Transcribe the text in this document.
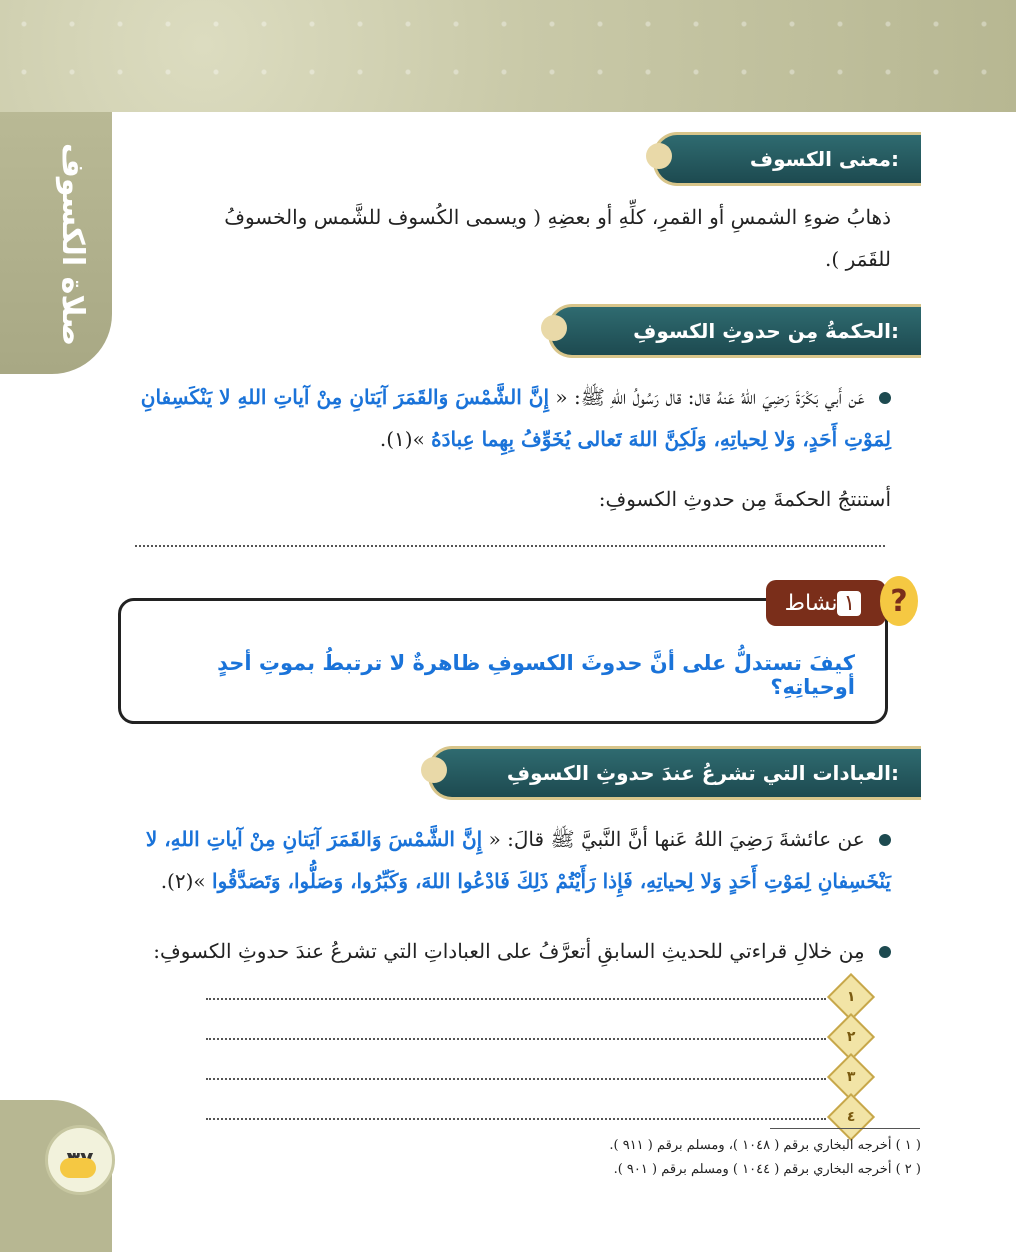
صلاة الكسوف	معنى الكسوف:
ذهابُ ضوءِ الشمسِ أو القمرِ، كلِّهِ أو بعضِهِ ( ويسمى الكُسوف للشَّمس والخسوفُ للقَمَر ).
الحكمةُ مِن حدوثِ الكسوفِ:
عَن أَبي بَكْرَةَ رَضِيَ اللهُ عَنهُ قال: قال رَسُولُ اللهِ ﷺ: « إِنَّ الشَّمْسَ وَالقَمَرَ آيَتانِ مِنْ آياتِ اللهِ لا يَنْكَسِفانِ لِمَوْتِ أَحَدٍ، وَلا لِحياتِهِ، وَلَكِنَّ اللهَ تَعالى يُخَوِّفُ بِهِما عِبادَهُ »(١).
أستنتجُ الحكمةَ مِن حدوثِ الكسوفِ:
نشاط ١	?
كيفَ تستدلُّ على أنَّ حدوثَ الكسوفِ ظاهرةٌ لا ترتبطُ بموتِ أحدٍ أوحياتِهِ؟
العبادات التي تشرعُ عندَ حدوثِ الكسوفِ:
عن عائشةَ رَضِيَ اللهُ عَنها أنَّ النَّبيَّ ﷺ قالَ: « إِنَّ الشَّمْسَ وَالقَمَرَ آيَتانِ مِنْ آياتِ اللهِ، لا يَنْخَسِفانِ لِمَوْتِ أَحَدٍ وَلا لِحياتِهِ، فَإِذا رَأَيْتُمْ ذَلِكَ فَادْعُوا اللهَ، وَكَبِّرُوا، وَصَلُّوا، وَتَصَدَّقُوا »(٢).
مِن خلالِ قراءتي للحديثِ السابقِ أتعرَّفُ على العباداتِ التي تشرعُ عندَ حدوثِ الكسوفِ:
١
٢
٣
٤
( ١ ) أخرجه البخاري برقم ( ١٠٤٨ )، ومسلم برقم ( ٩١١ ).
( ٢ ) أخرجه البخاري برقم ( ١٠٤٤ ) ومسلم برقم ( ٩٠١ ).
